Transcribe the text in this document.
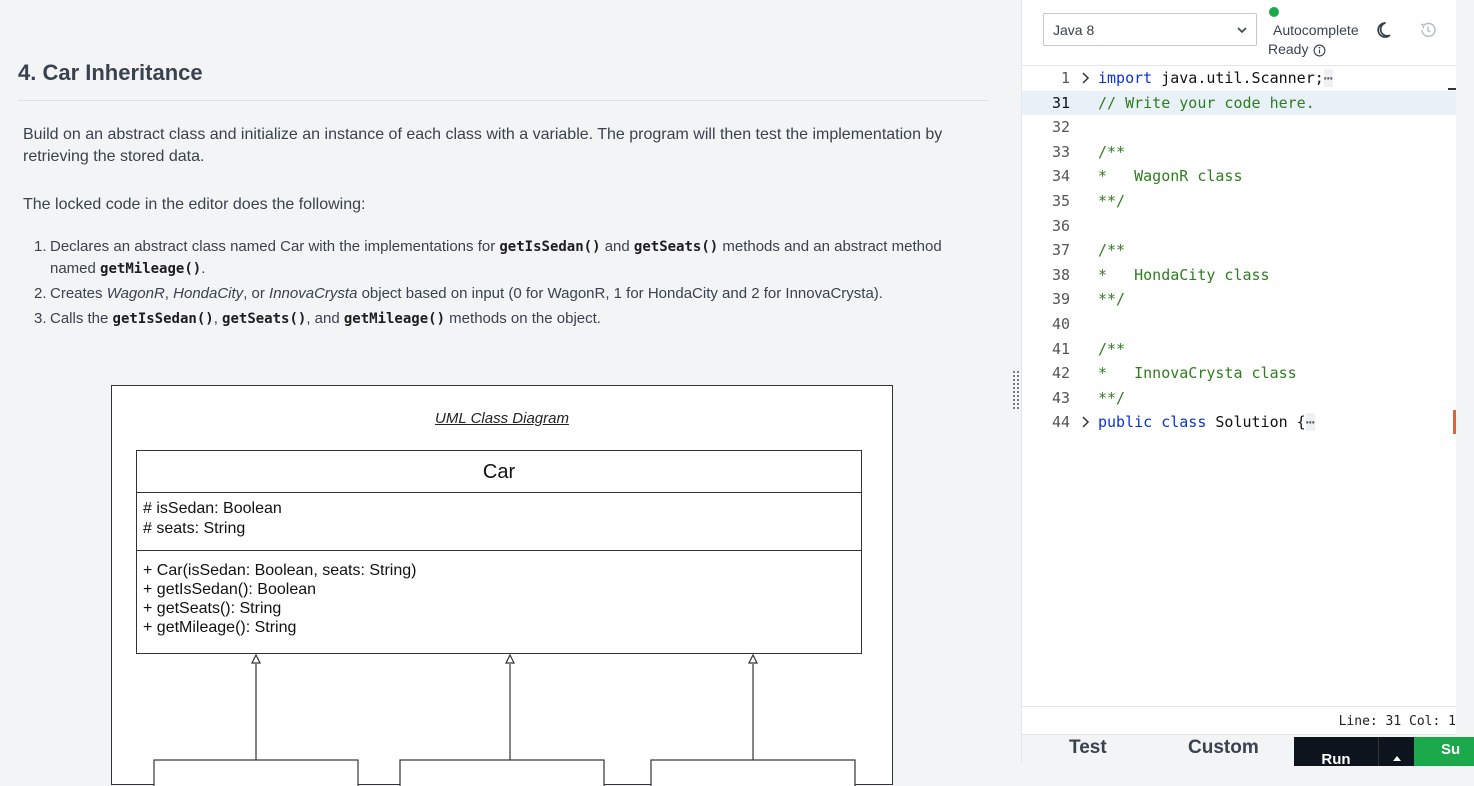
4. Car Inheritance

Build on an abstract class and initialize an instance of each class with a variable. The program will then test the implementation by retrieving the stored data.

The locked code in the editor does the following:

1. Declares an abstract class named Car with the implementations for getIsSedan() and getSeats() methods and an abstract method named getMileage().
2. Creates WagonR, HondaCity, or InnovaCrysta object based on input (0 for WagonR, 1 for HondaCity and 2 for InnovaCrysta).
3. Calls the getIsSedan(), getSeats(), and getMileage() methods on the object.
UML Class Diagram
Car
# isSedan: Boolean
# seats: String
+ Car(isSedan: Boolean, seats: String)
+ getIsSedan(): Boolean
+ getSeats(): String
+ getMileage(): String
Java 8	Autocomplete
Ready
1 import java.util.Scanner;⋯
31 // Write your code here.
32
33 /**
34 *   WagonR class
35 **/
36
37 /**
38 *   HondaCity class
39 **/
40
41 /**
42 *   InnovaCrysta class
43 **/
44 public class Solution {⋯
Line: 31 Col: 1
Test	Custom
Run
Su
